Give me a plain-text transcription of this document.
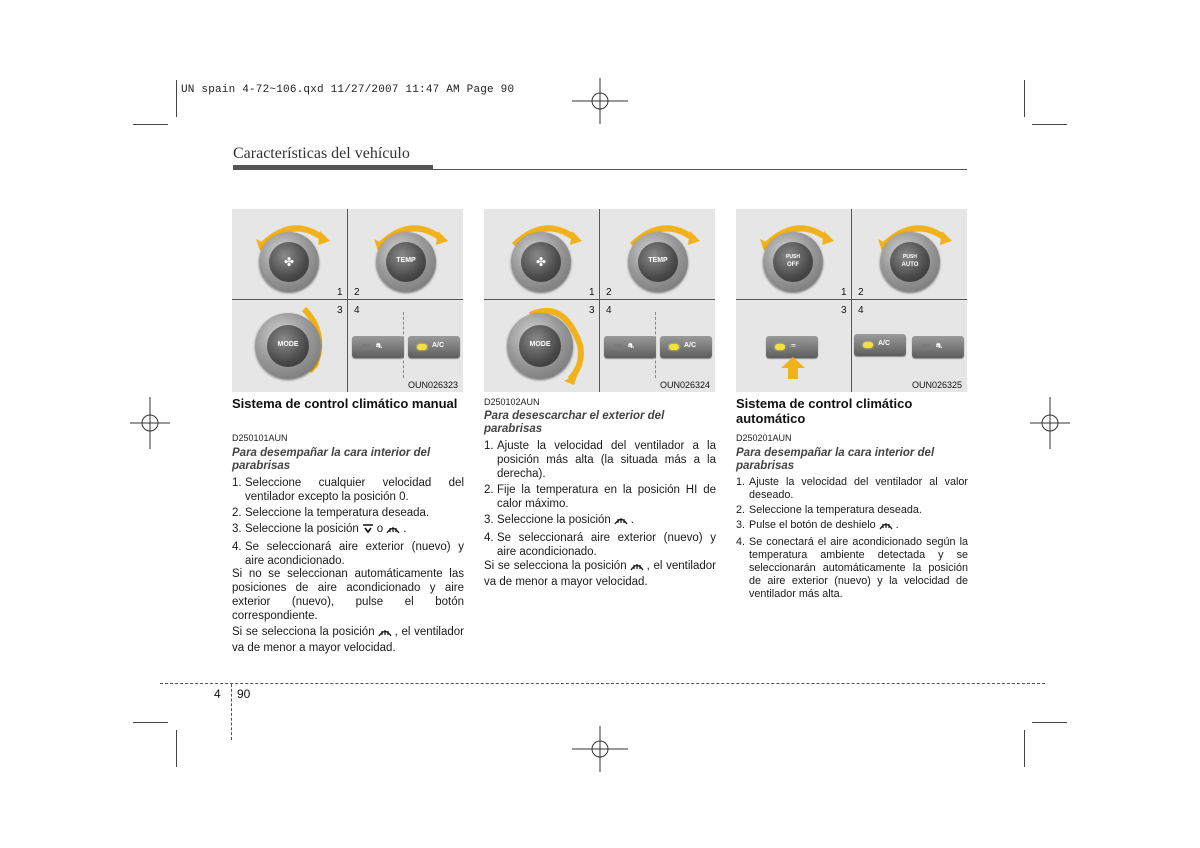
UN spain 4-72~106.qxd 11/27/2007 11:47 AM Page 90
Características del vehículo
✤	TEMP
1 2
3 4
MODE	⛐	A/C
OUN026323
✤	TEMP
1 2
3 4
MODE	⛐	A/C
OUN026324
PUSH
OFF
PUSH
AUTO
1 2
3 4
♒	A/C	⛐
OUN026325
Sistema de control climático manual
D250101AUN
Para desempañar la cara interior del parabrisas
1. Seleccione cualquier velocidad del ventilador excepto la posición 0.
2. Seleccione la temperatura deseada.
3. Seleccione la posición o .
4. Se seleccionará aire exterior (nuevo) y aire acondicionado.

Si no se seleccionan automáticamente las posiciones de aire acondicionado y aire exterior (nuevo), pulse el botón correspondiente.

Si se selecciona la posición , el ventilador va de menor a mayor velocidad.

D250102AUN
Para desescarchar el exterior del parabrisas
1. Ajuste la velocidad del ventilador a la posición más alta (la situada más a la derecha).
2. Fije la temperatura en la posición HI de calor máximo.
3. Seleccione la posición .
4. Se seleccionará aire exterior (nuevo) y aire acondicionado.

Si se selecciona la posición , el ventilador va de menor a mayor velocidad.

Sistema de control climático automático
D250201AUN
Para desempañar la cara interior del parabrisas
1. Ajuste la velocidad del ventilador al valor deseado.
2. Seleccione la temperatura deseada.
3. Pulse el botón de deshielo .
4. Se conectará el aire acondicionado según la temperatura ambiente detectada y se seleccionarán automáticamente la posición de aire exterior (nuevo) y la velocidad de ventilador más alta.
4 90
